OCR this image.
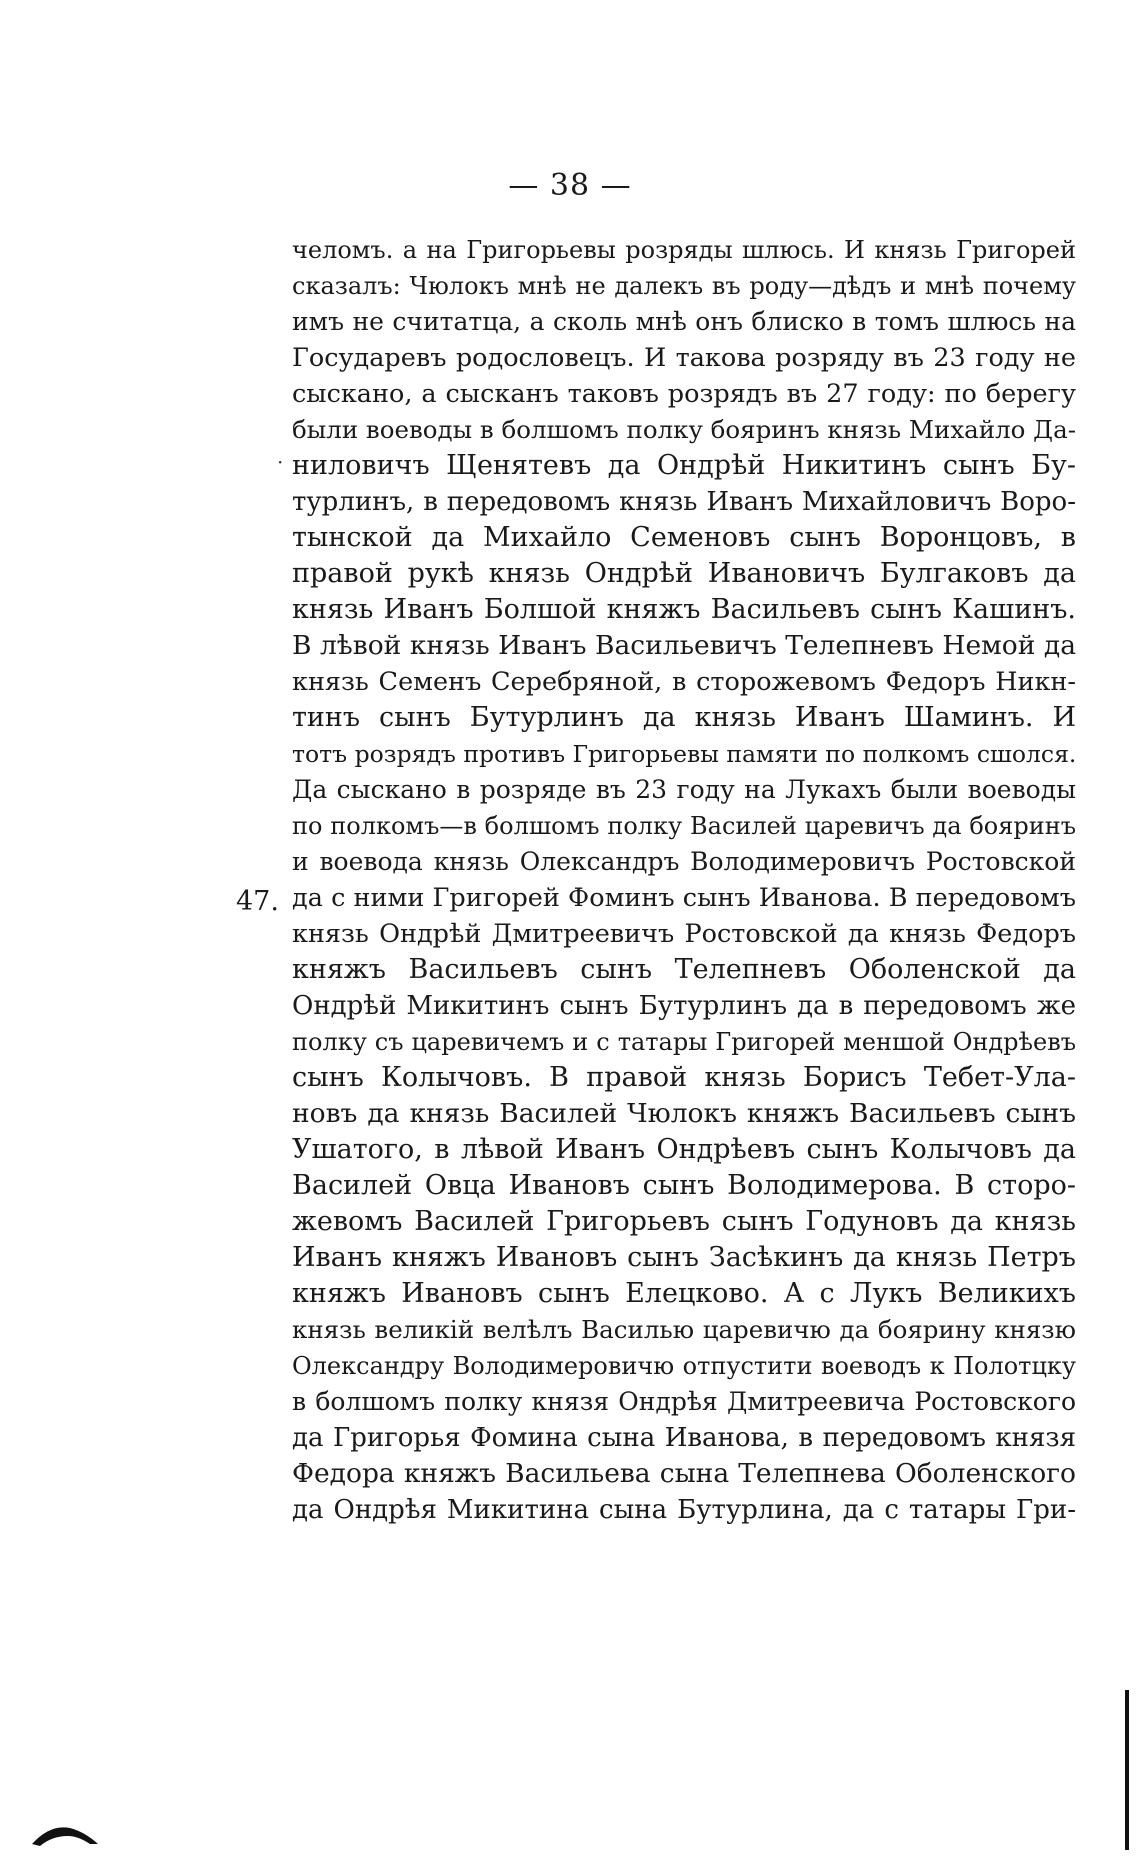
— 38 —
·
47.
челомъ. а на Григорьевы розряды шлюсь. И князь Григорей
сказалъ: Чюлокъ мнѣ не далекъ въ роду—дѣдъ и мнѣ почему
имъ не считатца, а сколь мнѣ онъ блиско в томъ шлюсь на
Государевъ родословецъ. И такова розряду въ 23 году не
сыскано, а сысканъ таковъ розрядъ въ 27 году: по берегу
были воеводы в болшомъ полку бояринъ князь Михайло Да-
ниловичъ Щенятевъ да Ондрѣй Никитинъ сынъ Бу-
турлинъ, в передовомъ князь Иванъ Михайловичъ Воро-
тынской да Михайло Семеновъ сынъ Воронцовъ, в
правой рукѣ князь Ондрѣй Ивановичъ Булгаковъ да
князь Иванъ Болшой княжъ Васильевъ сынъ Кашинъ.
В лѣвой князь Иванъ Васильевичъ Телепневъ Немой да
князь Семенъ Серебряной, в сторожевомъ Федоръ Никн-
тинъ сынъ Бутурлинъ да князь Иванъ Шаминъ. И
тотъ розрядъ противъ Григорьевы памяти по полкомъ сшолся.
Да сыскано в розряде въ 23 году на Лукахъ были воеводы
по полкомъ—в болшомъ полку Василей царевичъ да бояринъ
и воевода князь Олександръ Володимеровичъ Ростовской
да с ними Григорей Фоминъ сынъ Иванова. В передовомъ
князь Ондрѣй Дмитреевичъ Ростовской да князь Федоръ
княжъ Васильевъ сынъ Телепневъ Оболенской да
Ондрѣй Микитинъ сынъ Бутурлинъ да в передовомъ же
полку съ царевичемъ и с татары Григорей меншой Ондрѣевъ
сынъ Колычовъ. В правой князь Борисъ Тебет-Ула-
новъ да князь Василей Чюлокъ княжъ Васильевъ сынъ
Ушатого, в лѣвой Иванъ Ондрѣевъ сынъ Колычовъ да
Василей Овца Ивановъ сынъ Володимерова. В сторо-
жевомъ Василей Григорьевъ сынъ Годуновъ да князь
Иванъ княжъ Ивановъ сынъ Засѣкинъ да князь Петръ
княжъ Ивановъ сынъ Елецково. А с Лукъ Великихъ
князь великій велѣлъ Василью царевичю да боярину князю
Олександру Володимеровичю отпустити воеводъ к Полотцку
в болшомъ полку князя Ондрѣя Дмитреевича Ростовского
да Григорья Фомина сына Иванова, в передовомъ князя
Федора княжъ Васильева сына Телепнева Оболенского
да Ондрѣя Микитина сына Бутурлина, да с татары Гри-
